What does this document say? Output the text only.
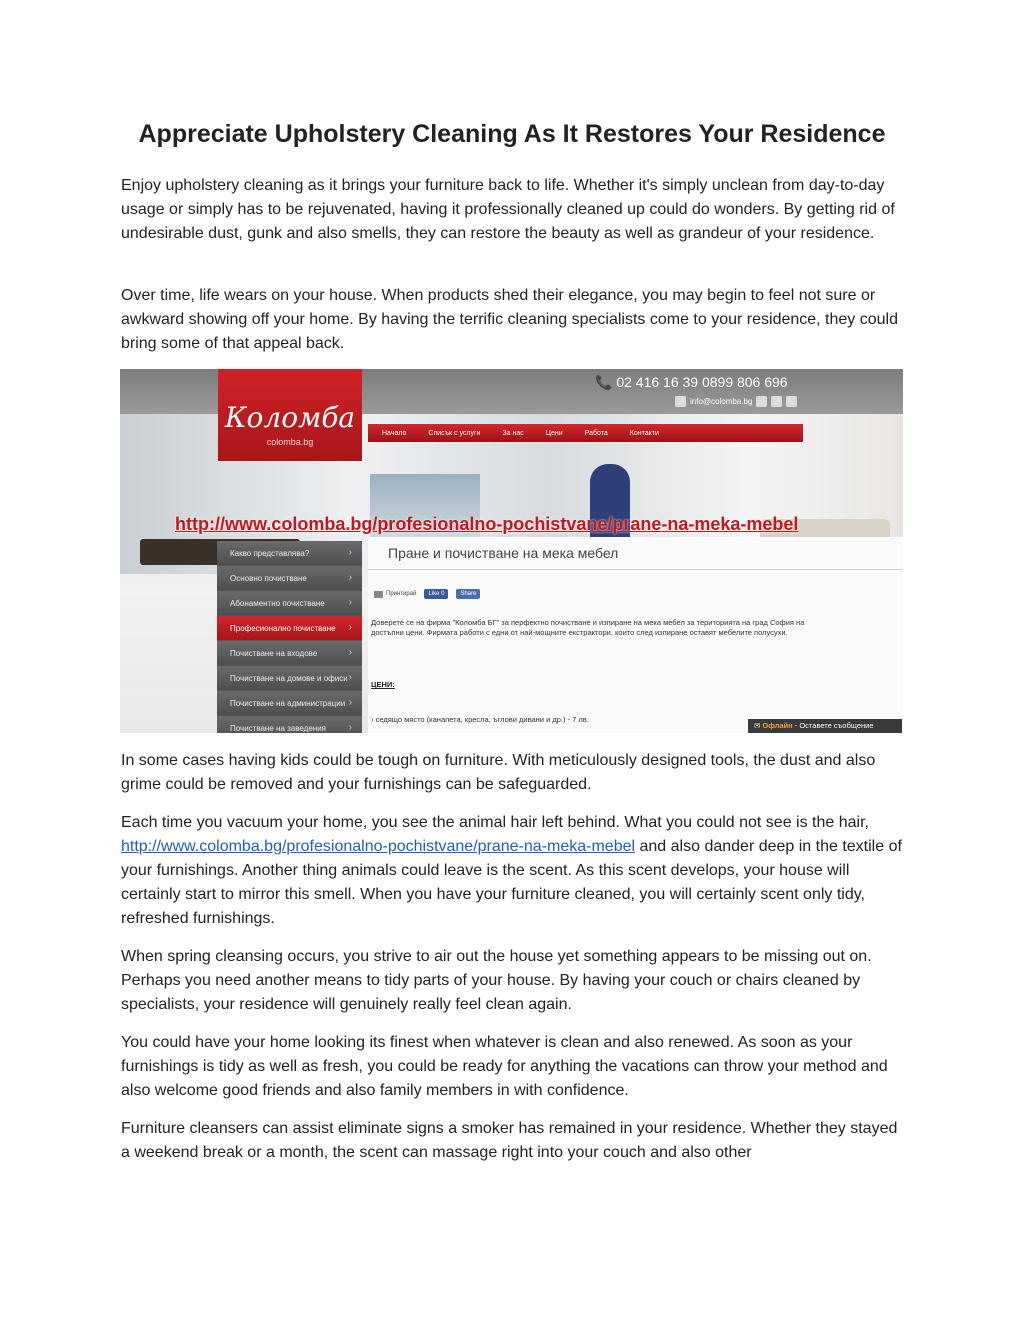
Appreciate Upholstery Cleaning As It Restores Your Residence

Enjoy upholstery cleaning as it brings your furniture back to life. Whether it's simply unclean from day-to-day usage or simply has to be rejuvenated, having it professionally cleaned up could do wonders. By getting rid of undesirable dust, gunk and also smells, they can restore the beauty as well as grandeur of your residence.

Over time, life wears on your house. When products shed their elegance, you may begin to feel not sure or awkward showing off your home. By having the terrific cleaning specialists come to your residence, they could bring some of that appeal back.

📞 02 416 16 39 0899 806 696
info@colomba.bg
Коломба
colomba.bg
Начало	Списък с услуги	За нас	Цени	Работа	Контакти
Какво представлява?	›
Основно почистване	›
Абонаментно почистване ›
Професионално почистване ›
Почистване на входове	›
Почистване на домове и офиси ›
Почистване на администрации ›
Почистване на заведения ›
Пране и почистване на мека мебел
Принтирай	Like 0	Share
Доверете се на фирма "Коломба БГ" за перфектно почистване и изпиране на мека мебел за територията на град София на достъпни цени. Фирмата работи с едни от най-мощните екстрактори, които след изпиране оставят мебелите полусухи.
ЦЕНИ:
› седящо място (канапета, кресла, ъглови дивани и др.) - 7 лв.
http://www.colomba.bg/profesionalno-pochistvane/prane-na-meka-mebel
✉ Офлайн - Оставете съобщение

In some cases having kids could be tough on furniture. With meticulously designed tools, the dust and also grime could be removed and your furnishings can be safeguarded.

Each time you vacuum your home, you see the animal hair left behind. What you could not see is the hair, http://www.colomba.bg/profesionalno-pochistvane/prane-na-meka-mebel and also dander deep in the textile of your furnishings. Another thing animals could leave is the scent. As this scent develops, your house will certainly start to mirror this smell. When you have your furniture cleaned, you will certainly scent only tidy, refreshed furnishings.

When spring cleansing occurs, you strive to air out the house yet something appears to be missing out on. Perhaps you need another means to tidy parts of your house. By having your couch or chairs cleaned by specialists, your residence will genuinely really feel clean again.

You could have your home looking its finest when whatever is clean and also renewed. As soon as your furnishings is tidy as well as fresh, you could be ready for anything the vacations can throw your method and also welcome good friends and also family members in with confidence.

Furniture cleansers can assist eliminate signs a smoker has remained in your residence. Whether they stayed a weekend break or a month, the scent can massage right into your couch and also other
